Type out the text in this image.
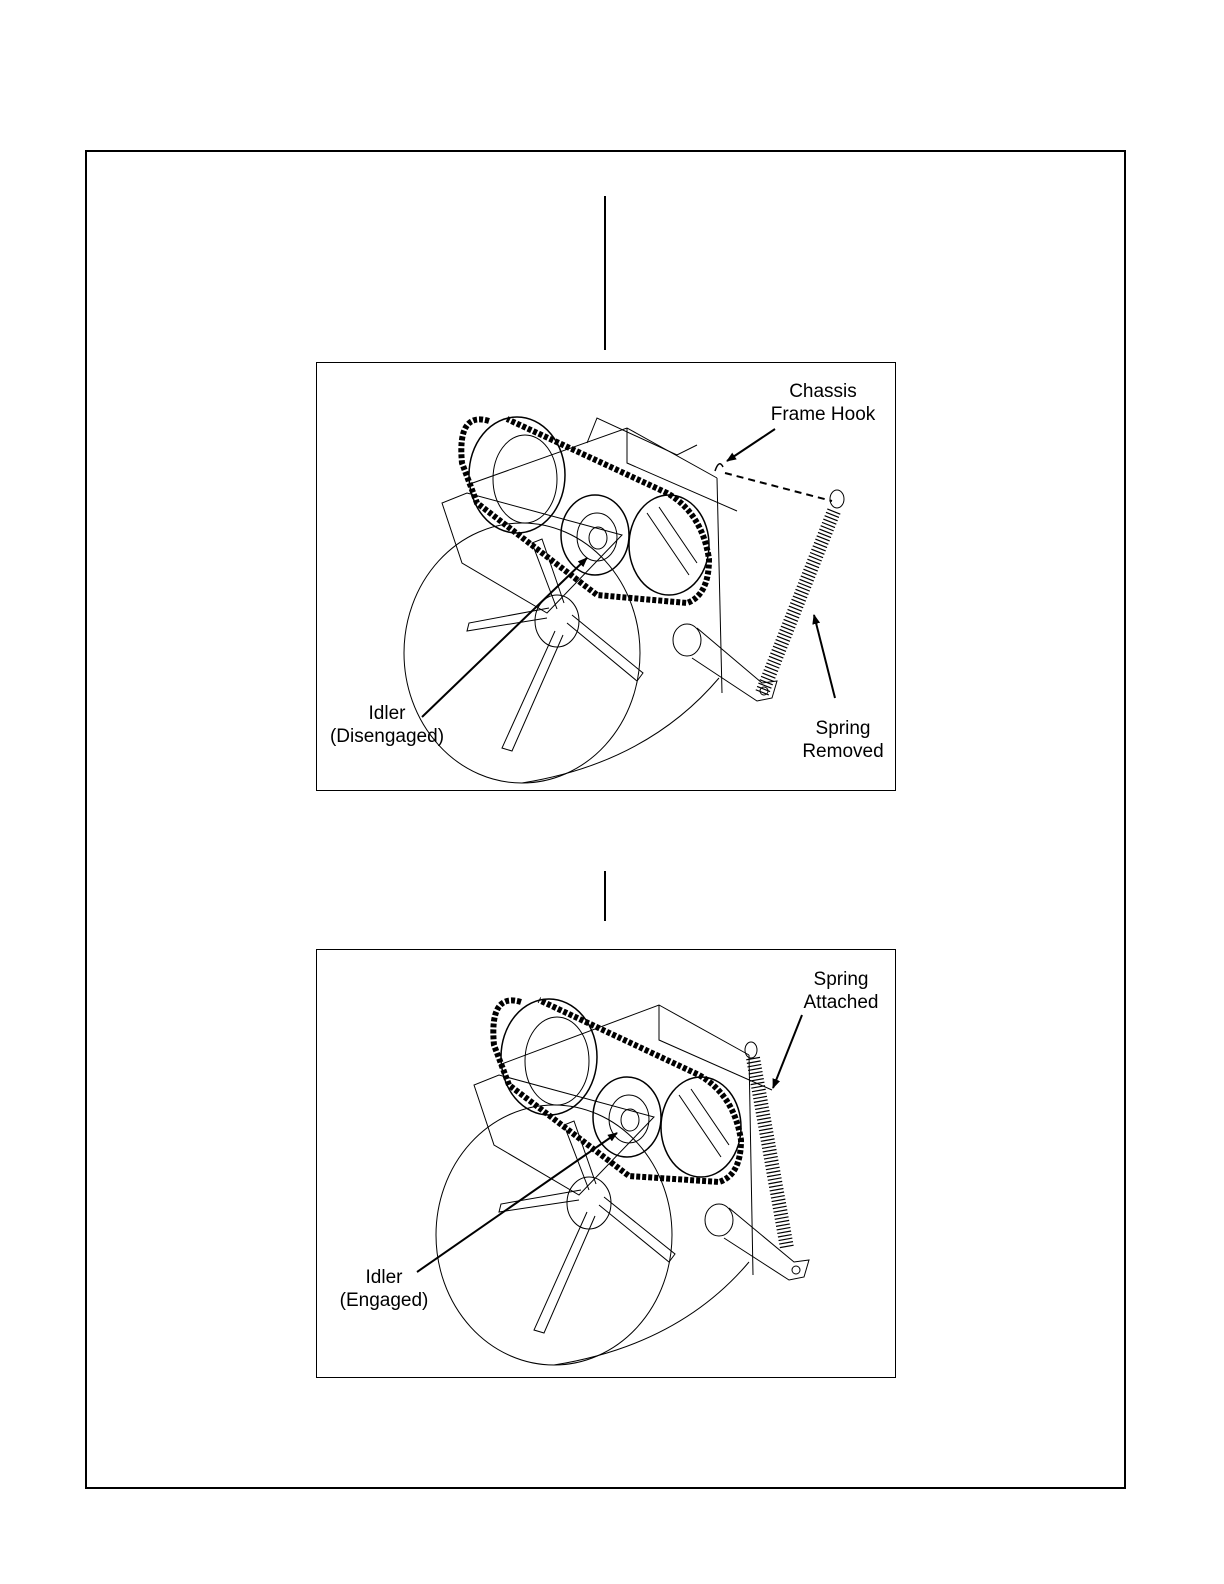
Chassis
Frame Hook
Idler
(Disengaged)	Spring
Removed
Spring
Attached
Idler
(Engaged)
